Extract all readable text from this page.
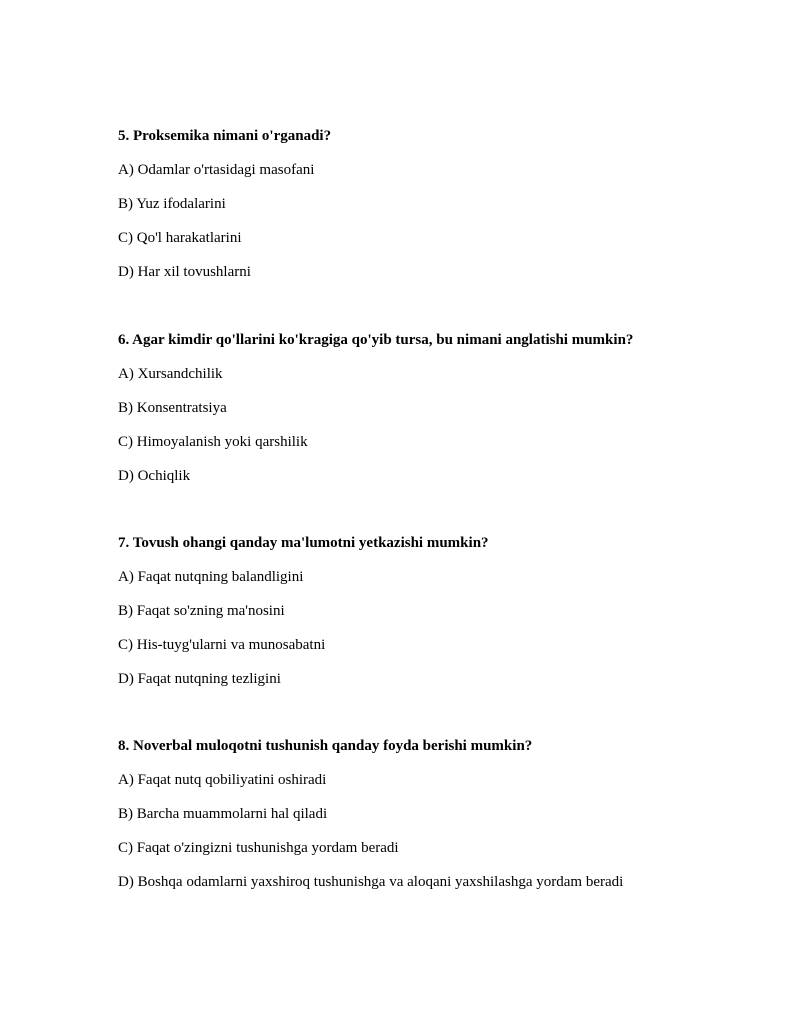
5. Proksemika nimani o'rganadi?

A) Odamlar o'rtasidagi masofani

B) Yuz ifodalarini

C) Qo'l harakatlarini

D) Har xil tovushlarni

6. Agar kimdir qo'llarini ko'kragiga qo'yib tursa, bu nimani anglatishi mumkin?

A) Xursandchilik

B) Konsentratsiya

C) Himoyalanish yoki qarshilik

D) Ochiqlik

7. Tovush ohangi qanday ma'lumotni yetkazishi mumkin?

A) Faqat nutqning balandligini

B) Faqat so'zning ma'nosini

C) His-tuyg'ularni va munosabatni

D) Faqat nutqning tezligini

8. Noverbal muloqotni tushunish qanday foyda berishi mumkin?

A) Faqat nutq qobiliyatini oshiradi

B) Barcha muammolarni hal qiladi

C) Faqat o'zingizni tushunishga yordam beradi

D) Boshqa odamlarni yaxshiroq tushunishga va aloqani yaxshilashga yordam beradi
